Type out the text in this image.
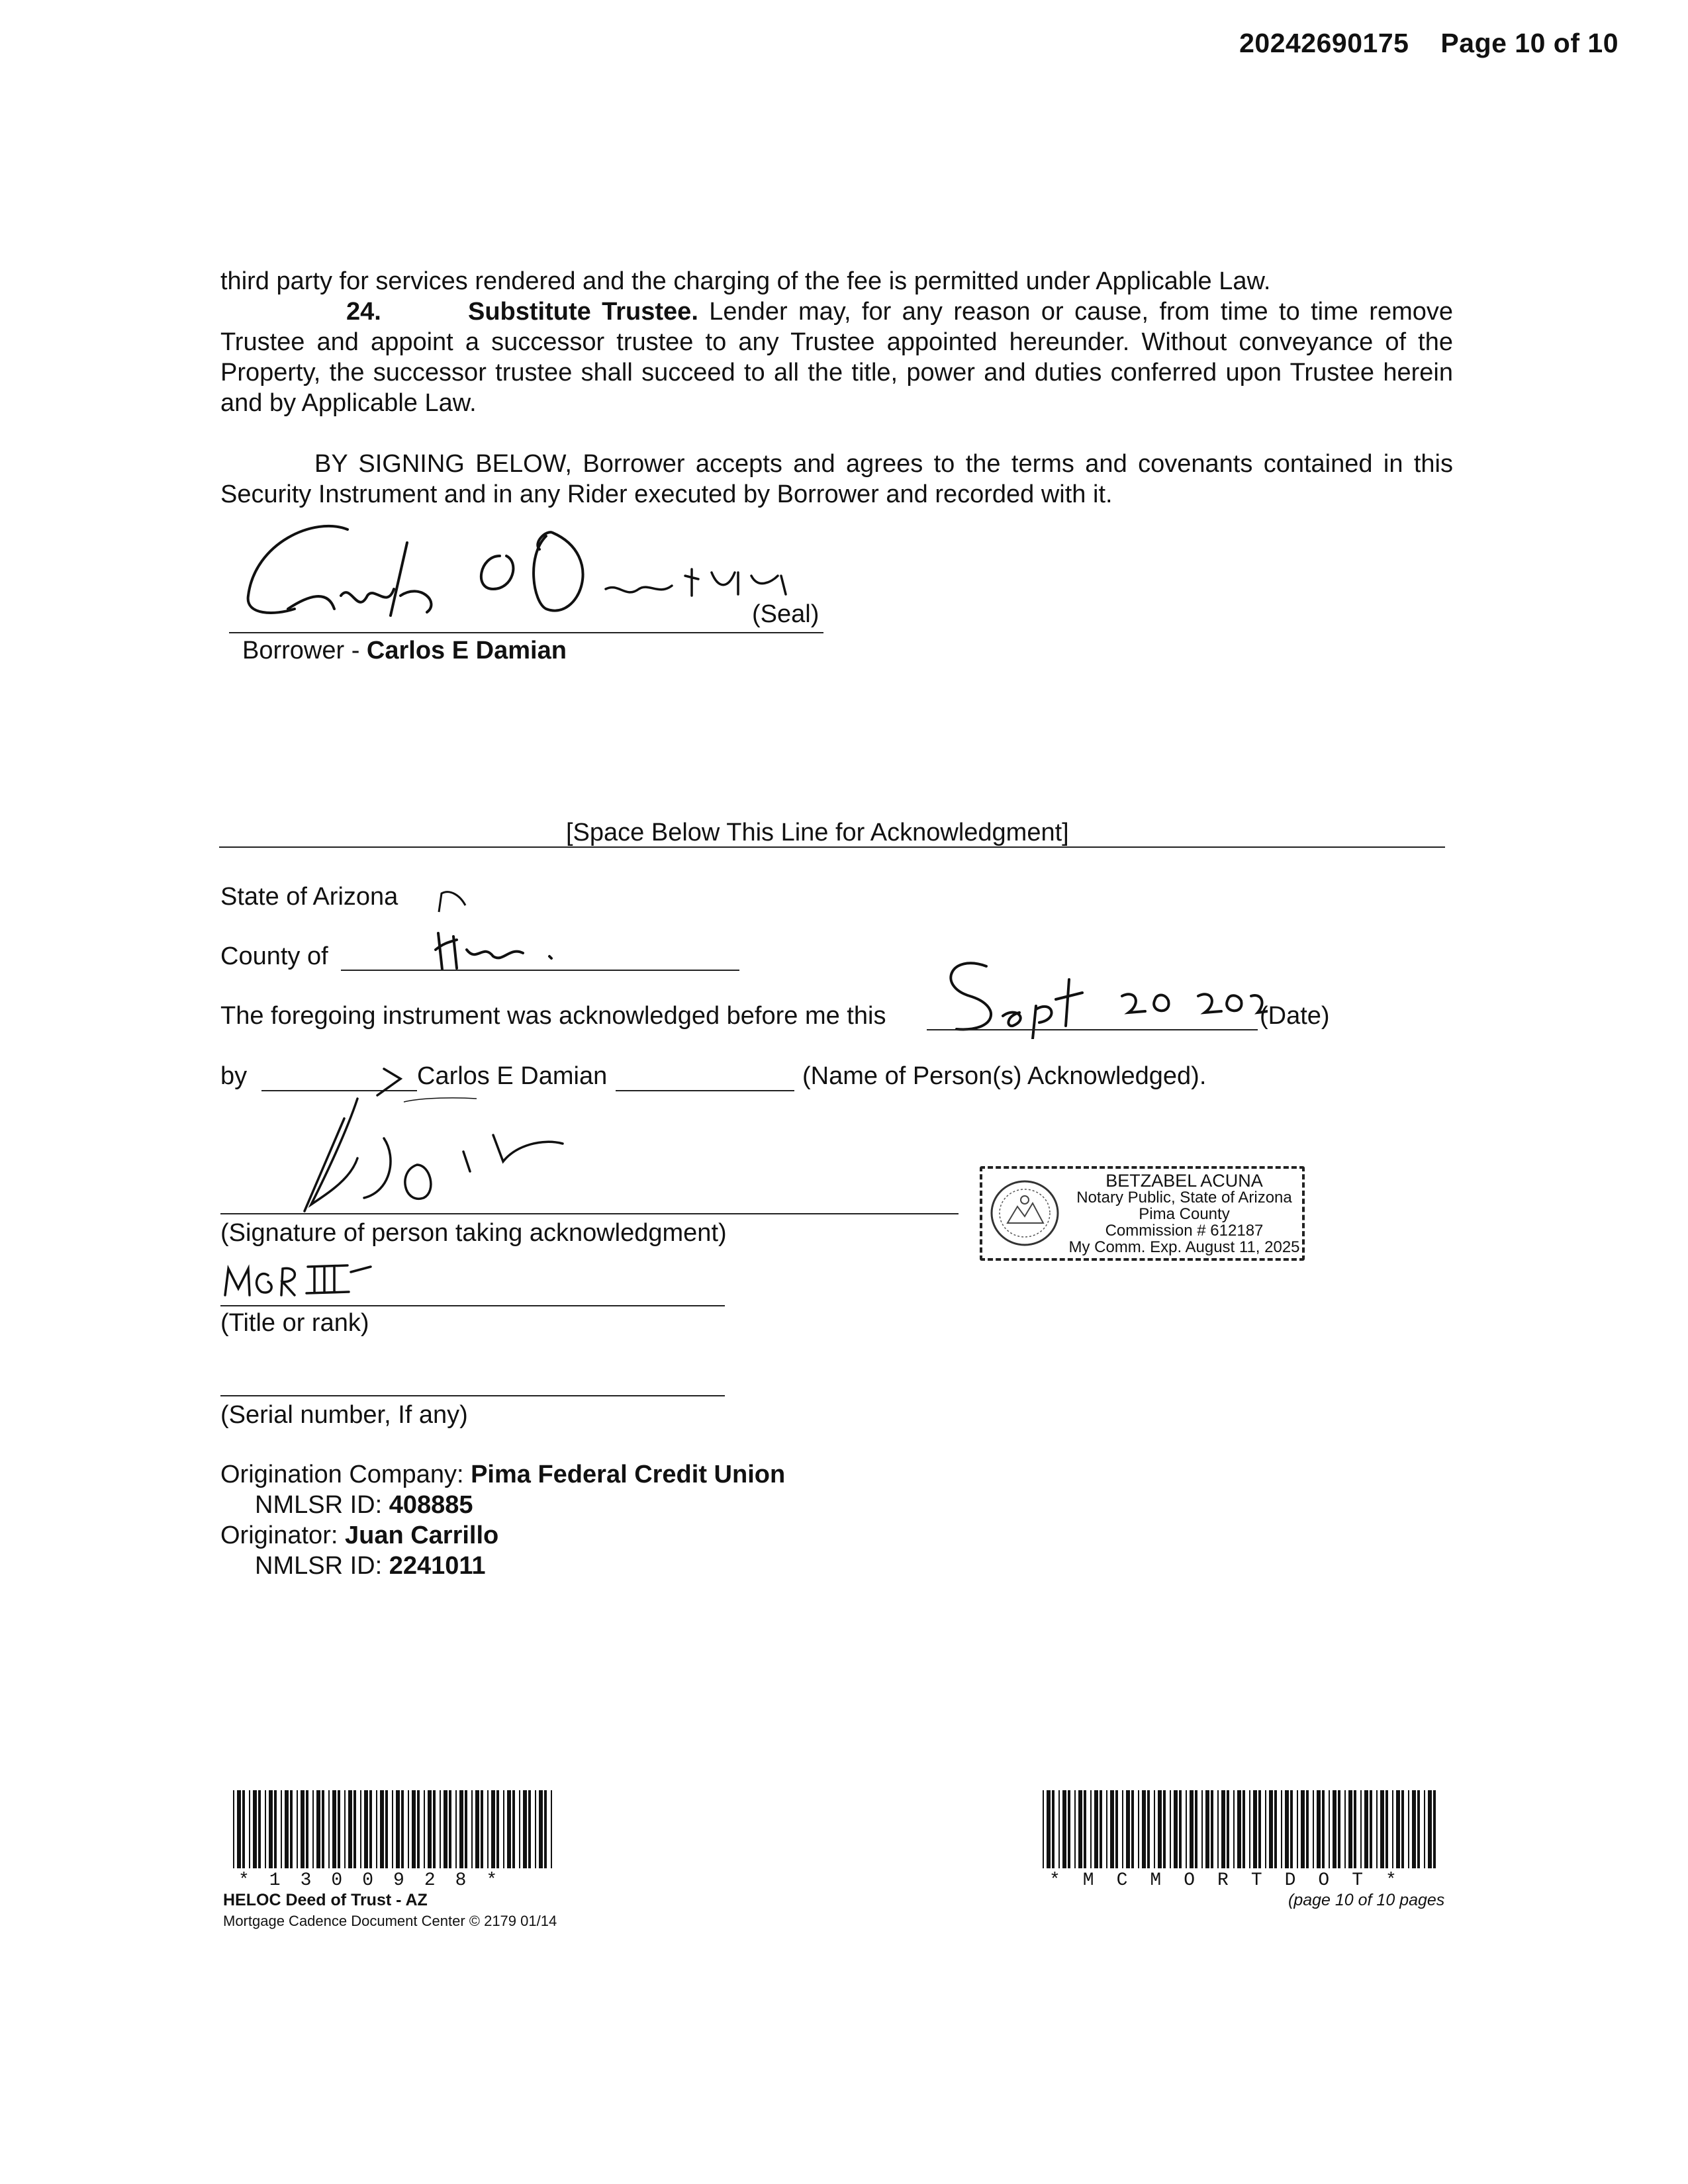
20242690175 Page 10 of 10
third party for services rendered and the charging of the fee is permitted under Applicable Law.
24.	Substitute Trustee. Lender may, for any reason or cause, from time to time remove Trustee and appoint a successor trustee to any Trustee appointed hereunder. Without conveyance of the Property, the successor trustee shall succeed to all the title, power and duties conferred upon Trustee herein and by Applicable Law.
BY SIGNING BELOW, Borrower accepts and agrees to the terms and covenants contained in this Security Instrument and in any Rider executed by Borrower and recorded with it.
(Seal)
Borrower - Carlos E Damian
[Space Below This Line for Acknowledgment]
State of Arizona
County of
The foregoing instrument was acknowledged before me this	(Date)
by	Carlos E Damian	(Name of Person(s) Acknowledged).
(Signature of person taking acknowledgment)
BETZABEL ACUNA
Notary Public, State of Arizona
Pima County
Commission # 612187
My Comm. Exp. August 11, 2025
(Title or rank)
(Serial number, If any)
Origination Company: Pima Federal Credit Union
NMLSR ID: 408885
Originator: Juan Carrillo
NMLSR ID: 2241011
*1300928*
HELOC Deed of Trust - AZ
Mortgage Cadence Document Center © 2179 01/14
*MCMORTDOT*
(page 10 of 10 pages
